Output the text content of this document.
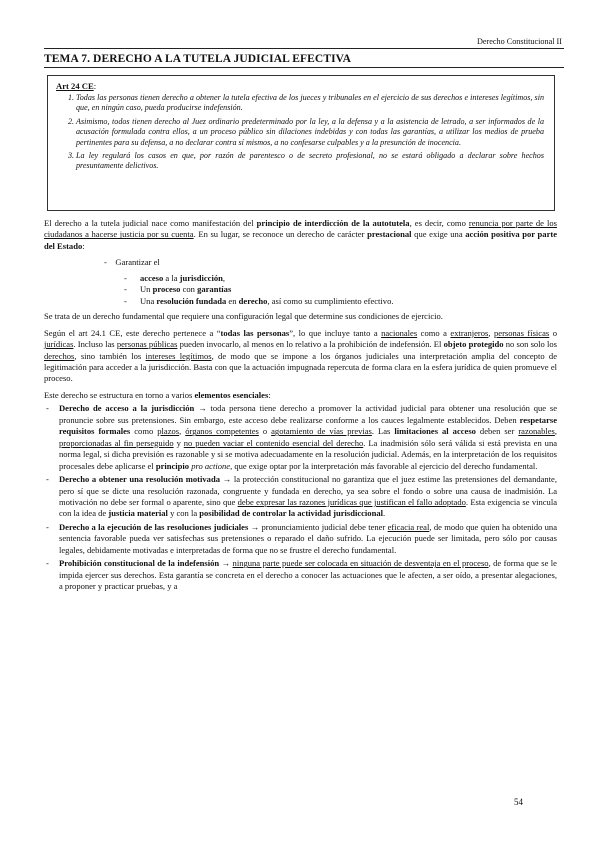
Derecho Constitucional II
TEMA 7. DERECHO A LA TUTELA JUDICIAL EFECTIVA
Art 24 CE:
1. Todas las personas tienen derecho a obtener la tutela efectiva de los jueces y tribunales en el ejercicio de sus derechos e intereses legítimos, sin que, en ningún caso, pueda producirse indefensión.
2. Asimismo, todos tienen derecho al Juez ordinario predeterminado por la ley, a la defensa y a la asistencia de letrado, a ser informados de la acusación formulada contra ellos, a un proceso público sin dilaciones indebidas y con todas las garantías, a utilizar los medios de prueba pertinentes para su defensa, a no declarar contra sí mismos, a no confesarse culpables y a la presunción de inocencia.
3. La ley regulará los casos en que, por razón de parentesco o de secreto profesional, no se estará obligado a declarar sobre hechos presuntamente delictivos.

El derecho a la tutela judicial nace como manifestación del principio de interdicción de la autotutela, es decir, como renuncia por parte de los ciudadanos a hacerse justicia por su cuenta. En su lugar, se reconoce un derecho de carácter prestacional que exige una acción positiva por parte del Estado:

- Garantizar el
- acceso a la jurisdicción,
- Un proceso con garantías
- Una resolución fundada en derecho, así como su cumplimiento efectivo.

Se trata de un derecho fundamental que requiere una configuración legal que determine sus condiciones de ejercicio.

Según el art 24.1 CE, este derecho pertenece a “todas las personas”, lo que incluye tanto a nacionales como a extranjeros, personas físicas o jurídicas. Incluso las personas públicas pueden invocarlo, al menos en lo relativo a la prohibición de indefensión. El objeto protegido no son solo los derechos, sino también los intereses legítimos, de modo que se impone a los órganos judiciales una interpretación amplia del concepto de legitimación para acceder a la jurisdicción. Basta con que la actuación impugnada repercuta de forma clara en la esfera jurídica de quien promueve el proceso.

Este derecho se estructura en torno a varios elementos esenciales:

- Derecho de acceso a la jurisdicción → toda persona tiene derecho a promover la actividad judicial para obtener una resolución que se pronuncie sobre sus pretensiones. Sin embargo, este acceso debe realizarse conforme a los cauces legalmente establecidos. Deben respetarse requisitos formales como plazos, órganos competentes o agotamiento de vías previas. Las limitaciones al acceso deben ser razonables, proporcionadas al fin perseguido y no pueden vaciar el contenido esencial del derecho. La inadmisión sólo será válida si está prevista en una norma legal, si dicha previsión es razonable y si se motiva adecuadamente en la resolución judicial. Además, en la interpretación de los requisitos procesales debe aplicarse el principio pro actione, que exige optar por la interpretación más favorable al ejercicio del derecho fundamental.
- Derecho a obtener una resolución motivada → la protección constitucional no garantiza que el juez estime las pretensiones del demandante, pero sí que se dicte una resolución razonada, congruente y fundada en derecho, ya sea sobre el fondo o sobre una causa de inadmisión. La motivación no debe ser formal o aparente, sino que debe expresar las razones jurídicas que justifican el fallo adoptado. Esta exigencia se vincula con la idea de justicia material y con la posibilidad de controlar la actividad jurisdiccional.
- Derecho a la ejecución de las resoluciones judiciales → pronunciamiento judicial debe tener eficacia real, de modo que quien ha obtenido una sentencia favorable pueda ver satisfechas sus pretensiones o reparado el daño sufrido. La ejecución puede ser limitada, pero sólo por causas legales, debidamente motivadas e interpretadas de forma que no se frustre el derecho fundamental.
- Prohibición constitucional de la indefensión → ninguna parte puede ser colocada en situación de desventaja en el proceso, de forma que se le impida ejercer sus derechos. Esta garantía se concreta en el derecho a conocer las actuaciones que le afecten, a ser oído, a presentar alegaciones, a proponer y practicar pruebas, y a
54
